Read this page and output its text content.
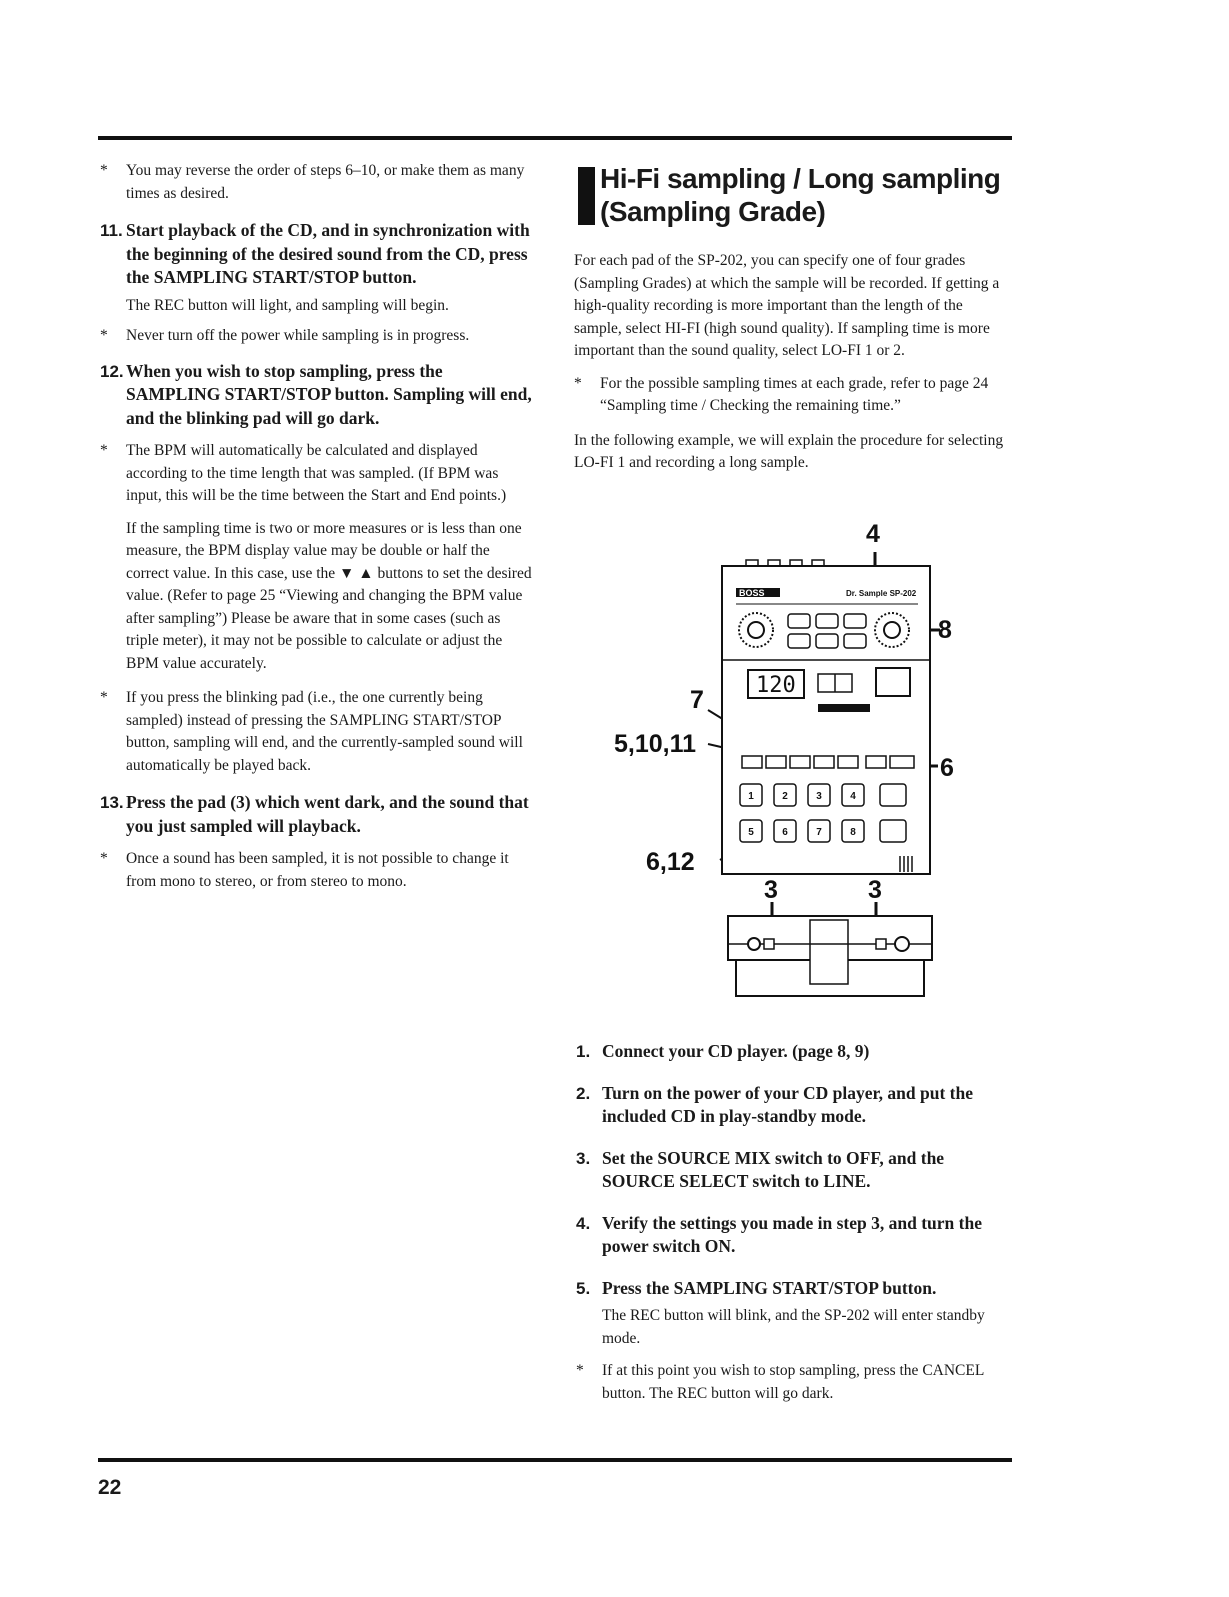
* You may reverse the order of steps 6–10, or make them as many times as desired.

11. Start playback of the CD, and in synchronization with the beginning of the desired sound from the CD, press the SAMPLING START/STOP button.
The REC button will light, and sampling will begin.
* Never turn off the power while sampling is in progress.

12. When you wish to stop sampling, press the SAMPLING START/STOP button. Sampling will end, and the blinking pad will go dark.
* The BPM will automatically be calculated and displayed according to the time length that was sampled. (If BPM was input, this will be the time between the Start and End points.)

If the sampling time is two or more measures or is less than one measure, the BPM display value may be double or half the correct value. In this case, use the ▼ ▲ buttons to set the desired value. (Refer to page 25 “Viewing and changing the BPM value after sampling”) Please be aware that in some cases (such as triple meter), it may not be possible to calculate or adjust the BPM value accurately.

* If you press the blinking pad (i.e., the one currently being sampled) instead of pressing the SAMPLING START/STOP button, sampling will end, and the currently-sampled sound will automatically be played back.

13. Press the pad (3) which went dark, and the sound that you just sampled will playback.
* Once a sound has been sampled, it is not possible to change it from mono to stereo, or from stereo to mono.

Hi-Fi sampling / Long sampling
(Sampling Grade)

For each pad of the SP-202, you can specify one of four grades (Sampling Grades) at which the sample will be recorded. If getting a high-quality recording is more important than the length of the sample, select HI-FI (high sound quality). If sampling time is more important than the sound quality, select LO-FI 1 or 2.

* For the possible sampling times at each grade, refer to page 24 “Sampling time / Checking the remaining time.”

In the following example, we will explain the procedure for selecting LO-FI 1 and recording a long sample.

4
8
7
5,10,11
6
6,12
3	3
BOSS	Dr. Sample SP-202
120
1	2	3	4
5	6	7	8
1. Connect your CD player. (page 8, 9)
2. Turn on the power of your CD player, and put the included CD in play-standby mode.
3. Set the SOURCE MIX switch to OFF, and the SOURCE SELECT switch to LINE.
4. Verify the settings you made in step 3, and turn the power switch ON.
5. Press the SAMPLING START/STOP button.
The REC button will blink, and the SP-202 will enter standby mode.
* If at this point you wish to stop sampling, press the CANCEL button. The REC button will go dark.

22
